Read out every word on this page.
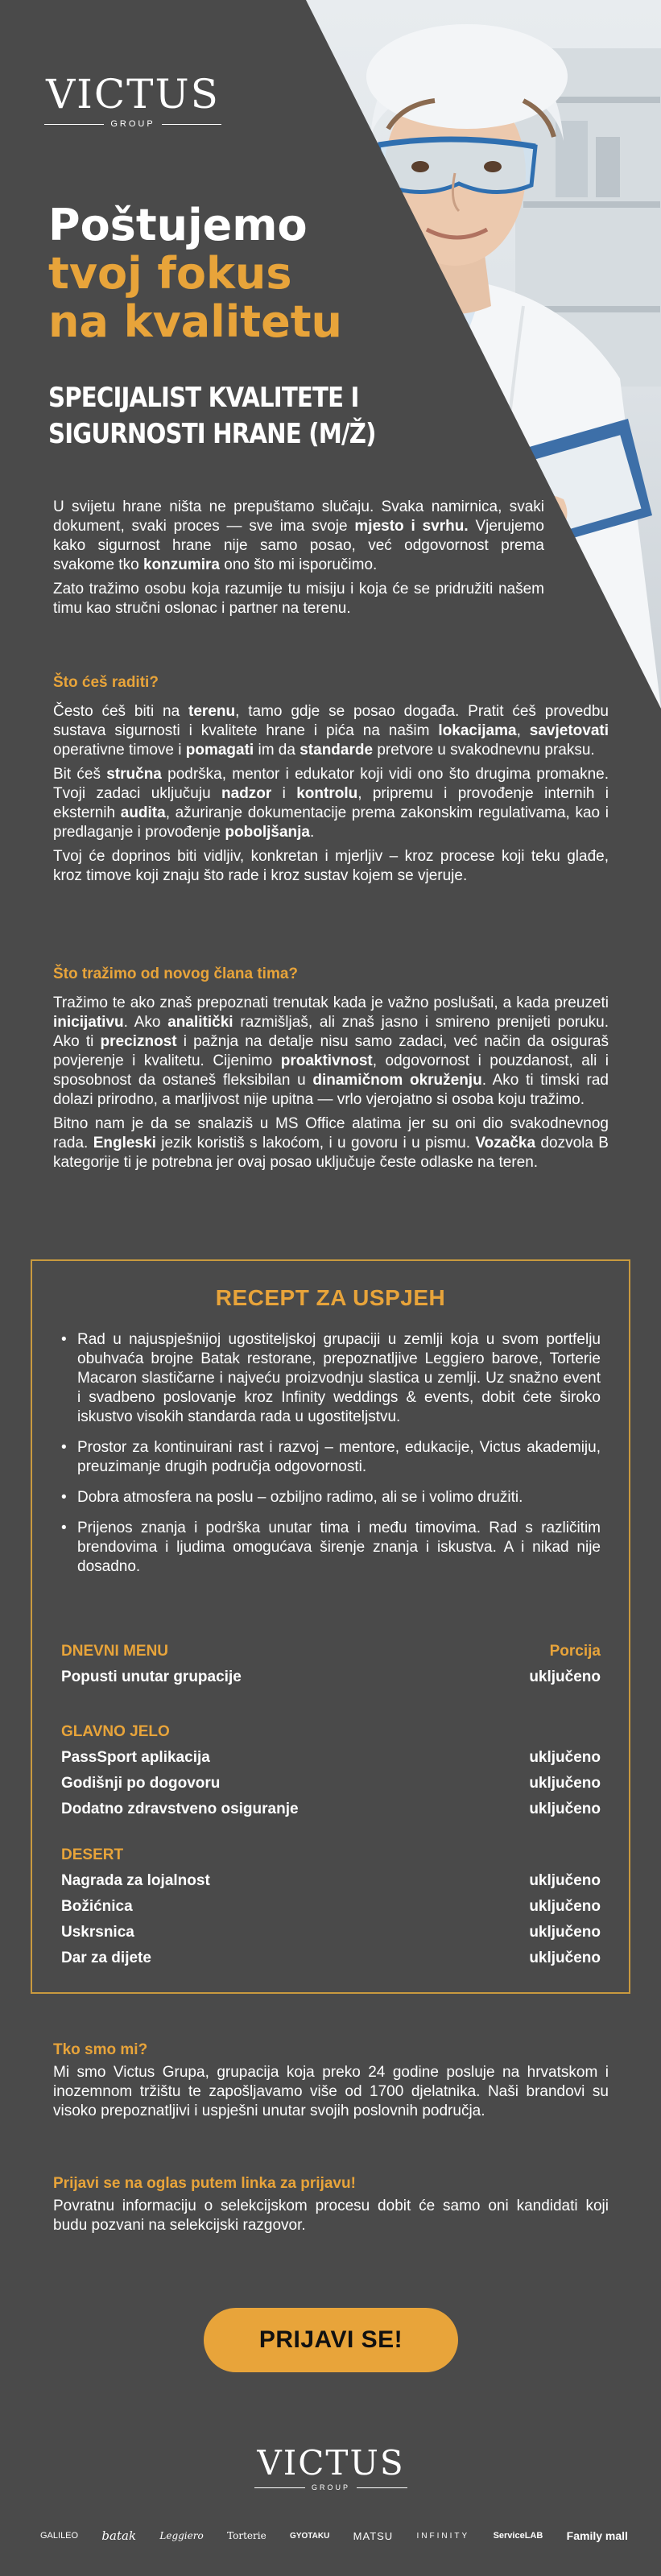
VICTUS
GROUP
Poštujemo
tvoj fokus
na kvalitetu
SPECIJALIST KVALITETE I
SIGURNOSTI HRANE (M/Ž)

U svijetu hrane ništa ne prepuštamo slučaju. Svaka namirnica, svaki dokument, svaki proces — sve ima svoje mjesto i svrhu. Vjerujemo kako sigurnost hrane nije samo posao, već odgovornost prema svakome tko konzumira ono što mi isporučimo.

Zato tražimo osobu koja razumije tu misiju i koja će se pridružiti našem timu kao stručni oslonac i partner na terenu.

Što ćeš raditi?

Često ćeš biti na terenu, tamo gdje se posao događa. Pratit ćeš provedbu sustava sigurnosti i kvalitete hrane i pića na našim lokacijama, savjetovati operativne timove i pomagati im da standarde pretvore u svakodnevnu praksu.

Bit ćeš stručna podrška, mentor i edukator koji vidi ono što drugima promakne. Tvoji zadaci uključuju nadzor i kontrolu, pripremu i provođenje internih i eksternih audita, ažuriranje dokumentacije prema zakonskim regulativama, kao i predlaganje i provođenje poboljšanja.

Tvoj će doprinos biti vidljiv, konkretan i mjerljiv – kroz procese koji teku glađe, kroz timove koji znaju što rade i kroz sustav kojem se vjeruje.

Što tražimo od novog člana tima?

Tražimo te ako znaš prepoznati trenutak kada je važno poslušati, a kada preuzeti inicijativu. Ako analitički razmišljaš, ali znaš jasno i smireno prenijeti poruku. Ako ti preciznost i pažnja na detalje nisu samo zadaci, već način da osiguraš povjerenje i kvalitetu. Cijenimo proaktivnost, odgovornost i pouzdanost, ali i sposobnost da ostaneš fleksibilan u dinamičnom okruženju. Ako ti timski rad dolazi prirodno, a marljivost nije upitna — vrlo vjerojatno si osoba koju tražimo.

Bitno nam je da se snalaziš u MS Office alatima jer su oni dio svakodnevnog rada. Engleski jezik koristiš s lakoćom, i u govoru i u pismu. Vozačka dozvola B kategorije ti je potrebna jer ovaj posao uključuje česte odlaske na teren.

RECEPT ZA USPJEH
• Rad u najuspješnijoj ugostiteljskoj grupaciji u zemlji koja u svom portfelju obuhvaća brojne Batak restorane, prepoznatljive Leggiero barove, Torterie Macaron slastičarne i najveću proizvodnju slastica u zemlji. Uz snažno event i svadbeno poslovanje kroz Infinity weddings & events, dobit ćete široko iskustvo visokih standarda rada u ugostiteljstvu.
• Prostor za kontinuirani rast i razvoj – mentore, edukacije, Victus akademiju, preuzimanje drugih područja odgovornosti.
• Dobra atmosfera na poslu – ozbiljno radimo, ali se i volimo družiti.
• Prijenos znanja i podrška unutar tima i među timovima. Rad s različitim brendovima i ljudima omogućava širenje znanja i iskustva. A i nikad nije dosadno.
DNEVNI MENU	Porcija
Popusti unutar grupacije	uključeno
GLAVNO JELO
PassSport aplikacija	uključeno
Godišnji po dogovoru	uključeno
Dodatno zdravstveno osiguranje	uključeno
DESERT
Nagrada za lojalnost	uključeno
Božićnica	uključeno
Uskrsnica	uključeno
Dar za dijete	uključeno
Tko smo mi?

Mi smo Victus Grupa, grupacija koja preko 24 godine posluje na hrvatskom i inozemnom tržištu te zapošljavamo više od 1700 djelatnika. Naši brandovi su visoko prepoznatljivi i uspješni unutar svojih poslovnih područja.

Prijavi se na oglas putem linka za prijavu!

Povratnu informaciju o selekcijskom procesu dobit će samo oni kandidati koji budu pozvani na selekcijski razgovor.

PRIJAVI SE!
VICTUS
GROUP
GALILEO batak Leggiero Torterie	GYOTAKU MATSU	INFINITY	ServiceLAB Family mall
